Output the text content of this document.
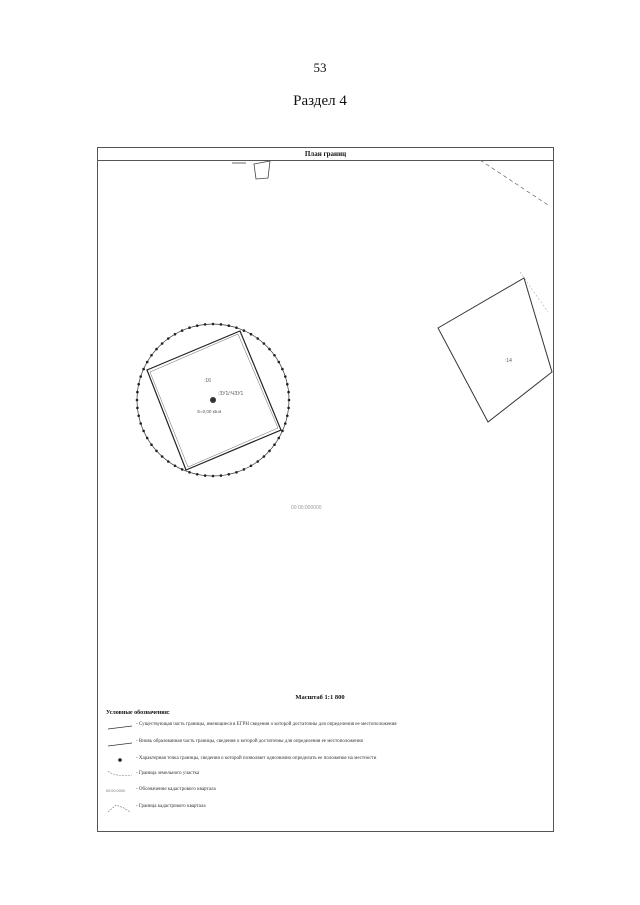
53
Раздел 4
План границ
:14
:16
:ЗУ1/:ЧЗУ1
S=0,00 кв.м
00:00:000000
00:00:0000
Масштаб 1:1 800
Условные обозначения:
- Существующая часть границы, имеющиеся в ЕГРН сведения о которой достаточны для определения ее местоположения
- Вновь образованная часть границы, сведения о которой достаточны для определения ее местоположения
- Характерная точка границы, сведения о которой позволяют однозначно определить ее положение на местности
- Граница земельного участка
- Обозначение кадастрового квартала
- Граница кадастрового квартала
